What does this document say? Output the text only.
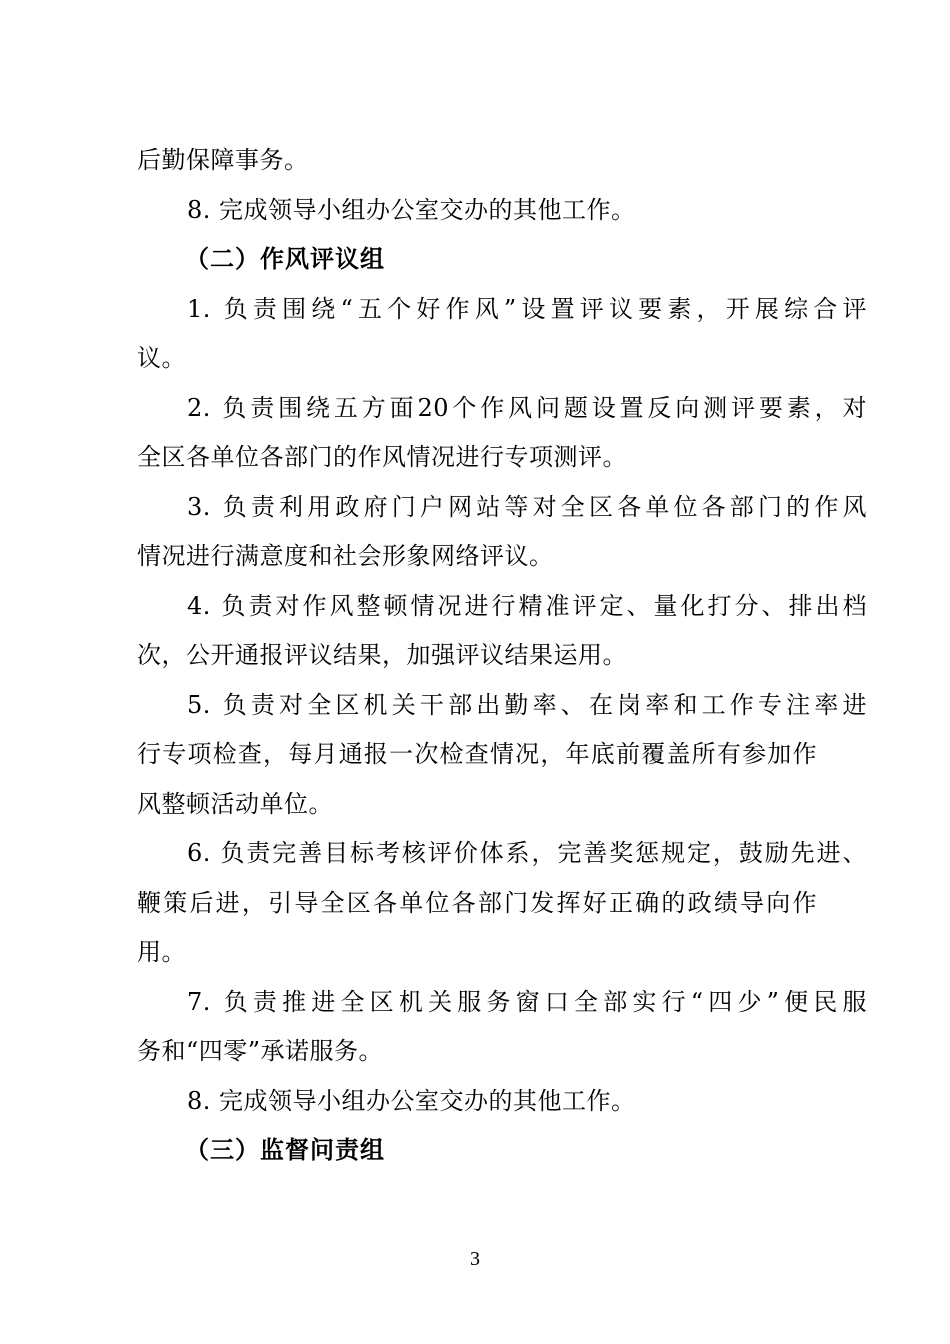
后勤保障事务。
8. 完成领导小组办公室交办的其他工作。
（二）作风评议组
1. 负责围绕“五个好作风”设置评议要素，开展综合评
议。
2. 负责围绕五方面20个作风问题设置反向测评要素，对
全区各单位各部门的作风情况进行专项测评。
3. 负责利用政府门户网站等对全区各单位各部门的作风
情况进行满意度和社会形象网络评议。
4. 负责对作风整顿情况进行精准评定、量化打分、排出档
次，公开通报评议结果，加强评议结果运用。
5. 负责对全区机关干部出勤率、在岗率和工作专注率进
行专项检查，每月通报一次检查情况，年底前覆盖所有参加作
风整顿活动单位。
6. 负责完善目标考核评价体系，完善奖惩规定，鼓励先进、
鞭策后进，引导全区各单位各部门发挥好正确的政绩导向作
用。
7. 负责推进全区机关服务窗口全部实行“四少”便民服
务和“四零”承诺服务。
8. 完成领导小组办公室交办的其他工作。
（三）监督问责组
3
